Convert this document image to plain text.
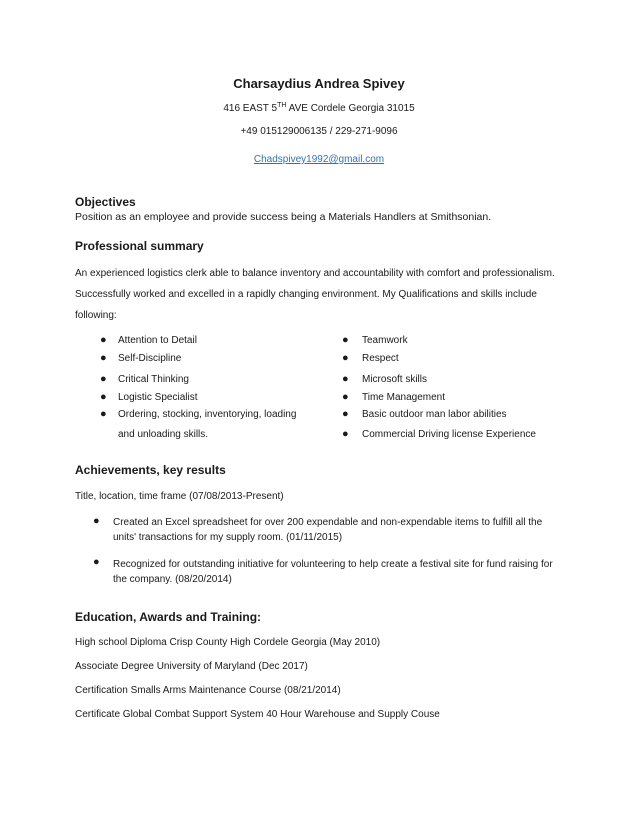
Charsaydius Andrea Spivey
416 EAST 5TH AVE Cordele Georgia 31015
+49 015129006135 / 229-271-9096
Chadspivey1992@gmail.com
Objectives
Position as an employee and provide success being a Materials Handlers at Smithsonian.
Professional summary
An experienced logistics clerk able to balance inventory and accountability with comfort and professionalism. Successfully worked and excelled in a rapidly changing environment. My Qualifications and skills include following:
● Attention to Detail
● Self-Discipline
● Critical Thinking
● Logistic Specialist
● Ordering, stocking, inventorying, loading
and unloading skills.
● Teamwork
● Respect
● Microsoft skills
● Time Management
● Basic outdoor man labor abilities
● Commercial Driving license Experience
Achievements, key results
Title, location, time frame (07/08/2013-Present)
● Created an Excel spreadsheet for over 200 expendable and non-expendable items to fulfill all the units' transactions for my supply room. (01/11/2015)
● Recognized for outstanding initiative for volunteering to help create a festival site for fund raising for the company. (08/20/2014)
Education, Awards and Training:
High school Diploma Crisp County High Cordele Georgia (May 2010)
Associate Degree University of Maryland (Dec 2017)
Certification Smalls Arms Maintenance Course (08/21/2014)
Certificate Global Combat Support System 40 Hour Warehouse and Supply Couse
